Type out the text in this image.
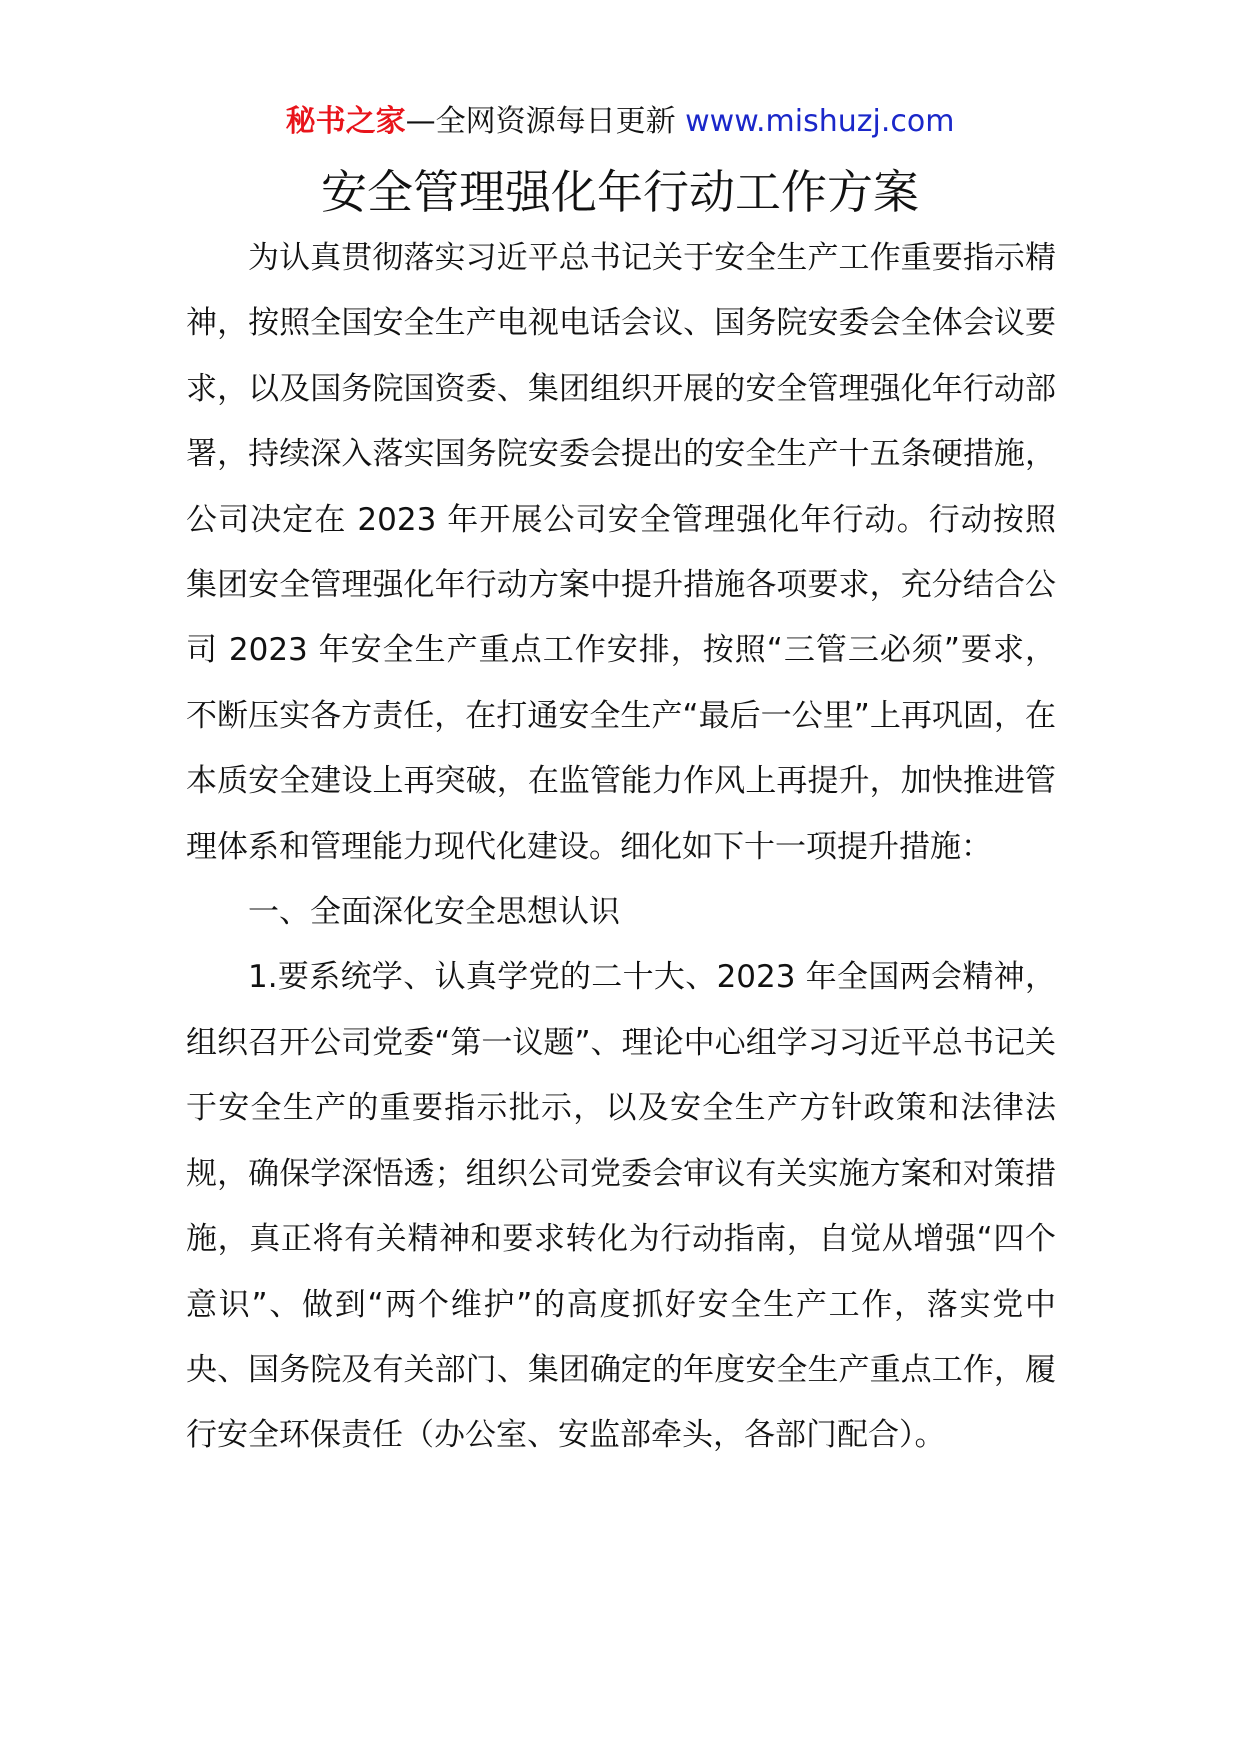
秘书之家—全网资源每日更新 www.mishuzj.com
安全管理强化年行动工作方案

为认真贯彻落实习近平总书记关于安全生产工作重要指示精神，按照全国安全生产电视电话会议、国务院安委会全体会议要求，以及国务院国资委、集团组织开展的安全管理强化年行动部署，持续深入落实国务院安委会提出的安全生产十五条硬措施，公司决定在 2023 年开展公司安全管理强化年行动。行动按照集团安全管理强化年行动方案中提升措施各项要求，充分结合公司 2023 年安全生产重点工作安排，按照“三管三必须”要求，不断压实各方责任，在打通安全生产“最后一公里”上再巩固，在本质安全建设上再突破，在监管能力作风上再提升，加快推进管理体系和管理能力现代化建设。细化如下十一项提升措施：

一、全面深化安全思想认识

1.要系统学、认真学党的二十大、2023 年全国两会精神，组织召开公司党委“第一议题”、理论中心组学习习近平总书记关于安全生产的重要指示批示，以及安全生产方针政策和法律法规，确保学深悟透；组织公司党委会审议有关实施方案和对策措施，真正将有关精神和要求转化为行动指南，自觉从增强“四个意识”、做到“两个维护”的高度抓好安全生产工作，落实党中央、国务院及有关部门、集团确定的年度安全生产重点工作，履行安全环保责任（办公室、安监部牵头，各部门配合）。
